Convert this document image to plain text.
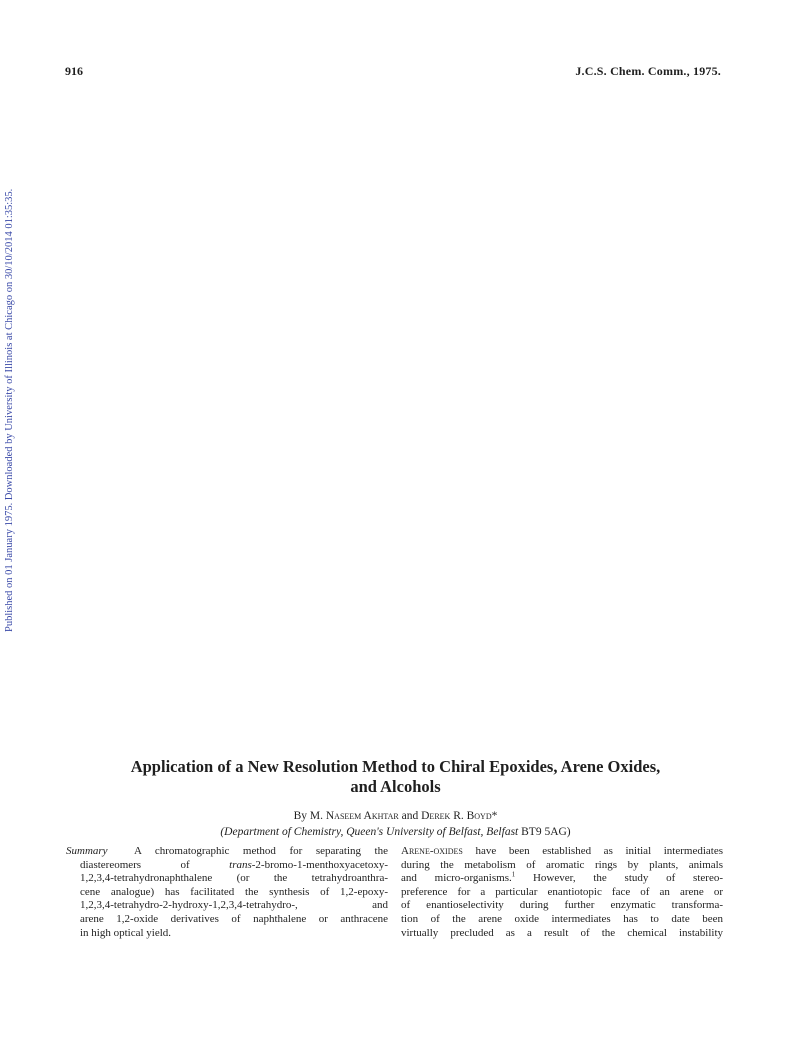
916	J.C.S. Chem. Comm., 1975.
Published on 01 January 1975. Downloaded by University of Illinois at Chicago on 30/10/2014 01:35:35.
Application of a New Resolution Method to Chiral Epoxides, Arene Oxides,
and Alcohols
By M. Naseem Akhtar and Derek R. Boyd*
(Department of Chemistry, Queen's University of Belfast, Belfast BT9 5AG)
Summary A chromatographic method for separating the
diastereomers of trans-2-bromo-1-menthoxyacetoxy-
1,2,3,4-tetrahydronaphthalene (or the tetrahydroanthra-
cene analogue) has facilitated the synthesis of 1,2-epoxy-
1,2,3,4-tetrahydro-2-hydroxy-1,2,3,4-tetrahydro-, and
arene 1,2-oxide derivatives of naphthalene or anthracene
in high optical yield.
Arene-oxides have been established as initial intermediates
during the metabolism of aromatic rings by plants, animals
and micro-organisms.$^1$ However, the study of stereo-
preference for a particular enantiotopic face of an arene or
of enantioselectivity during further enzymatic transforma-
tion of the arene oxide intermediates has to date been
virtually precluded as a result of the chemical instability
